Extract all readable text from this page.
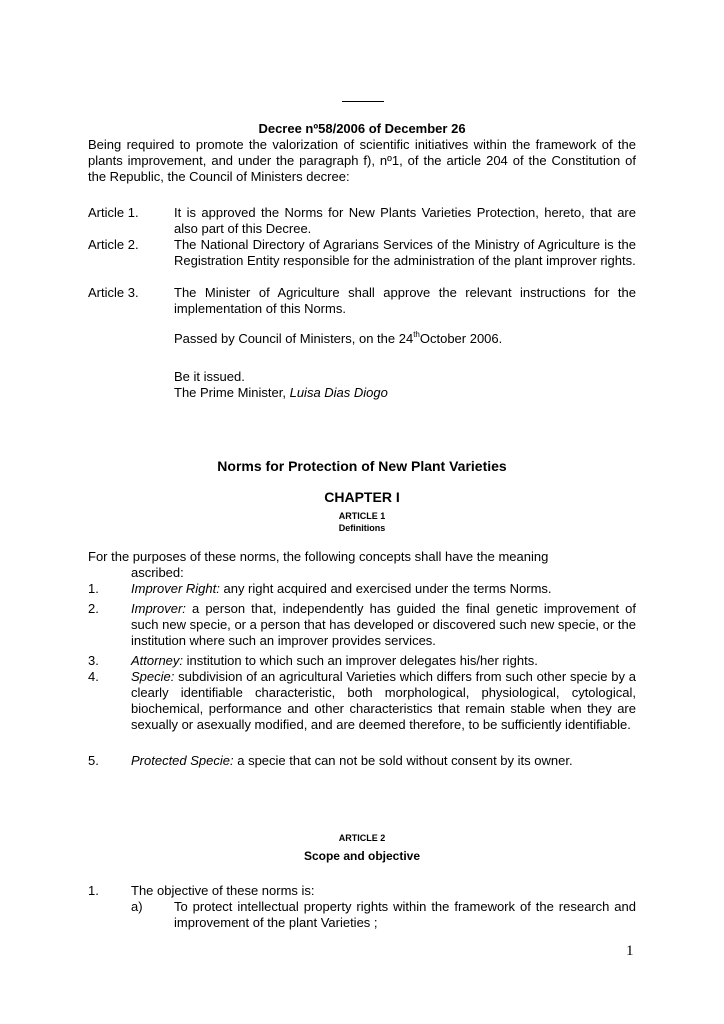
Decree nº58/2006 of December 26
Being required to promote the valorization of scientific initiatives within the framework of the plants improvement, and under the paragraph f), nº1, of the article 204 of the Constitution of the Republic, the Council of Ministers decree:
Article 1.	It is approved the Norms for New Plants Varieties Protection, hereto, that are also part of this Decree.
Article 2.	The National Directory of Agrarians Services of the Ministry of Agriculture is the Registration Entity responsible for the administration of the plant improver rights.
Article 3.	The Minister of Agriculture shall approve the relevant instructions for the implementation of this Norms.
Passed by Council of Ministers, on the 24thOctober 2006.
Be it issued.
The Prime Minister, Luisa Dias Diogo
Norms for Protection of New Plant Varieties
CHAPTER I
ARTICLE 1
Definitions
For the purposes of these norms, the following concepts shall have the meaning
ascribed:
1. Improver Right: any right acquired and exercised under the terms Norms.
2. Improver: a person that, independently has guided the final genetic improvement of such new specie, or a person that has developed or discovered such new specie, or the institution where such an improver provides services.
3. Attorney: institution to which such an improver delegates his/her rights.
4. Specie: subdivision of an agricultural Varieties which differs from such other specie by a clearly identifiable characteristic, both morphological, physiological, cytological, biochemical, performance and other characteristics that remain stable when they are sexually or asexually modified, and are deemed therefore, to be sufficiently identifiable.
5. Protected Specie: a specie that can not be sold without consent by its owner.
ARTICLE 2
Scope and objective
1. The objective of these norms is:
a) To protect intellectual property rights within the framework of the research and improvement of the plant Varieties ;
1
